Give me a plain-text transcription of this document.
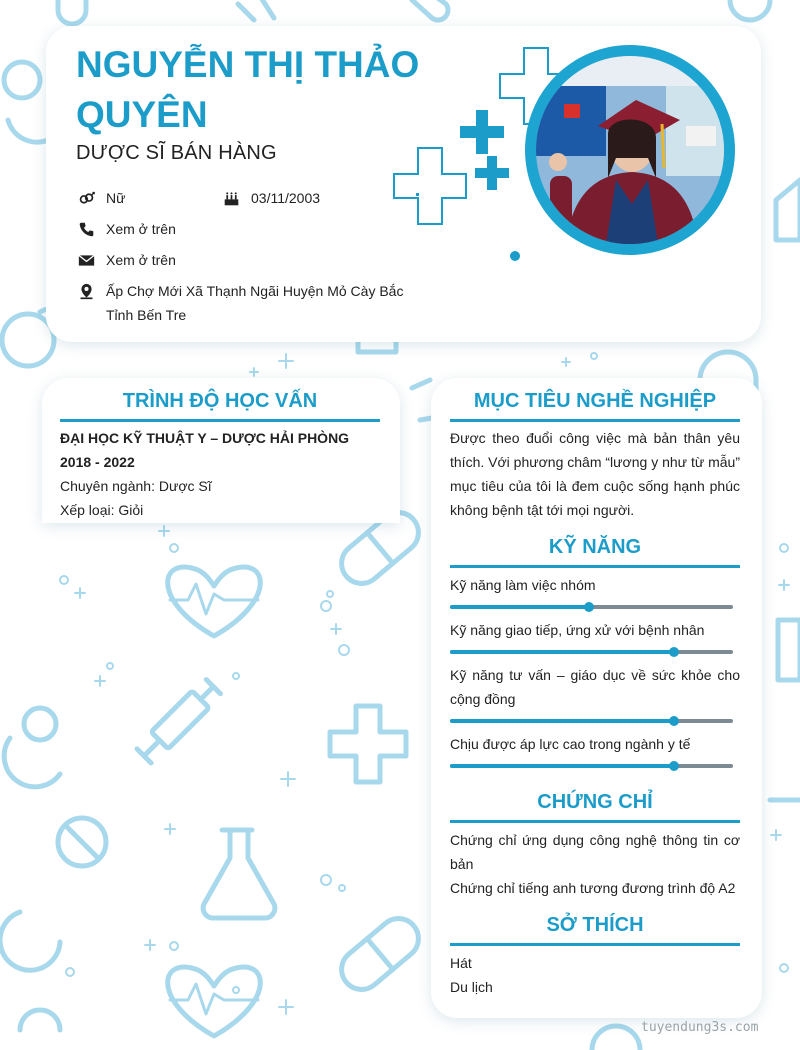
NGUYỄN THỊ THẢO QUYÊN
DƯỢC SĨ BÁN HÀNG
Nữ	03/11/2003
Xem ở trên
Xem ở trên
Ấp Chợ Mới Xã Thạnh Ngãi Huyện Mỏ Cày Bắc Tỉnh Bến Tre
TRÌNH ĐỘ HỌC VẤN
ĐẠI HỌC KỸ THUẬT Y – DƯỢC HẢI PHÒNG
2018 - 2022
Chuyên ngành: Dược Sĩ
Xếp loại: Giỏi
MỤC TIÊU NGHỀ NGHIỆP
Được theo đuổi công việc mà bản thân yêu thích. Với phương châm “lương y như từ mẫu” mục tiêu của tôi là đem cuộc sống hạnh phúc không bệnh tật tới mọi người.
KỸ NĂNG
Kỹ năng làm việc nhóm
Kỹ năng giao tiếp, ứng xử với bệnh nhân
Kỹ năng tư vấn – giáo dục về sức khỏe cho cộng đồng
Chịu được áp lực cao trong ngành y tế
CHỨNG CHỈ
Chứng chỉ ứng dụng công nghệ thông tin cơ bản
Chứng chỉ tiếng anh tương đương trình độ A2
SỞ THÍCH
Hát
Du lịch
tuyendung3s.com
